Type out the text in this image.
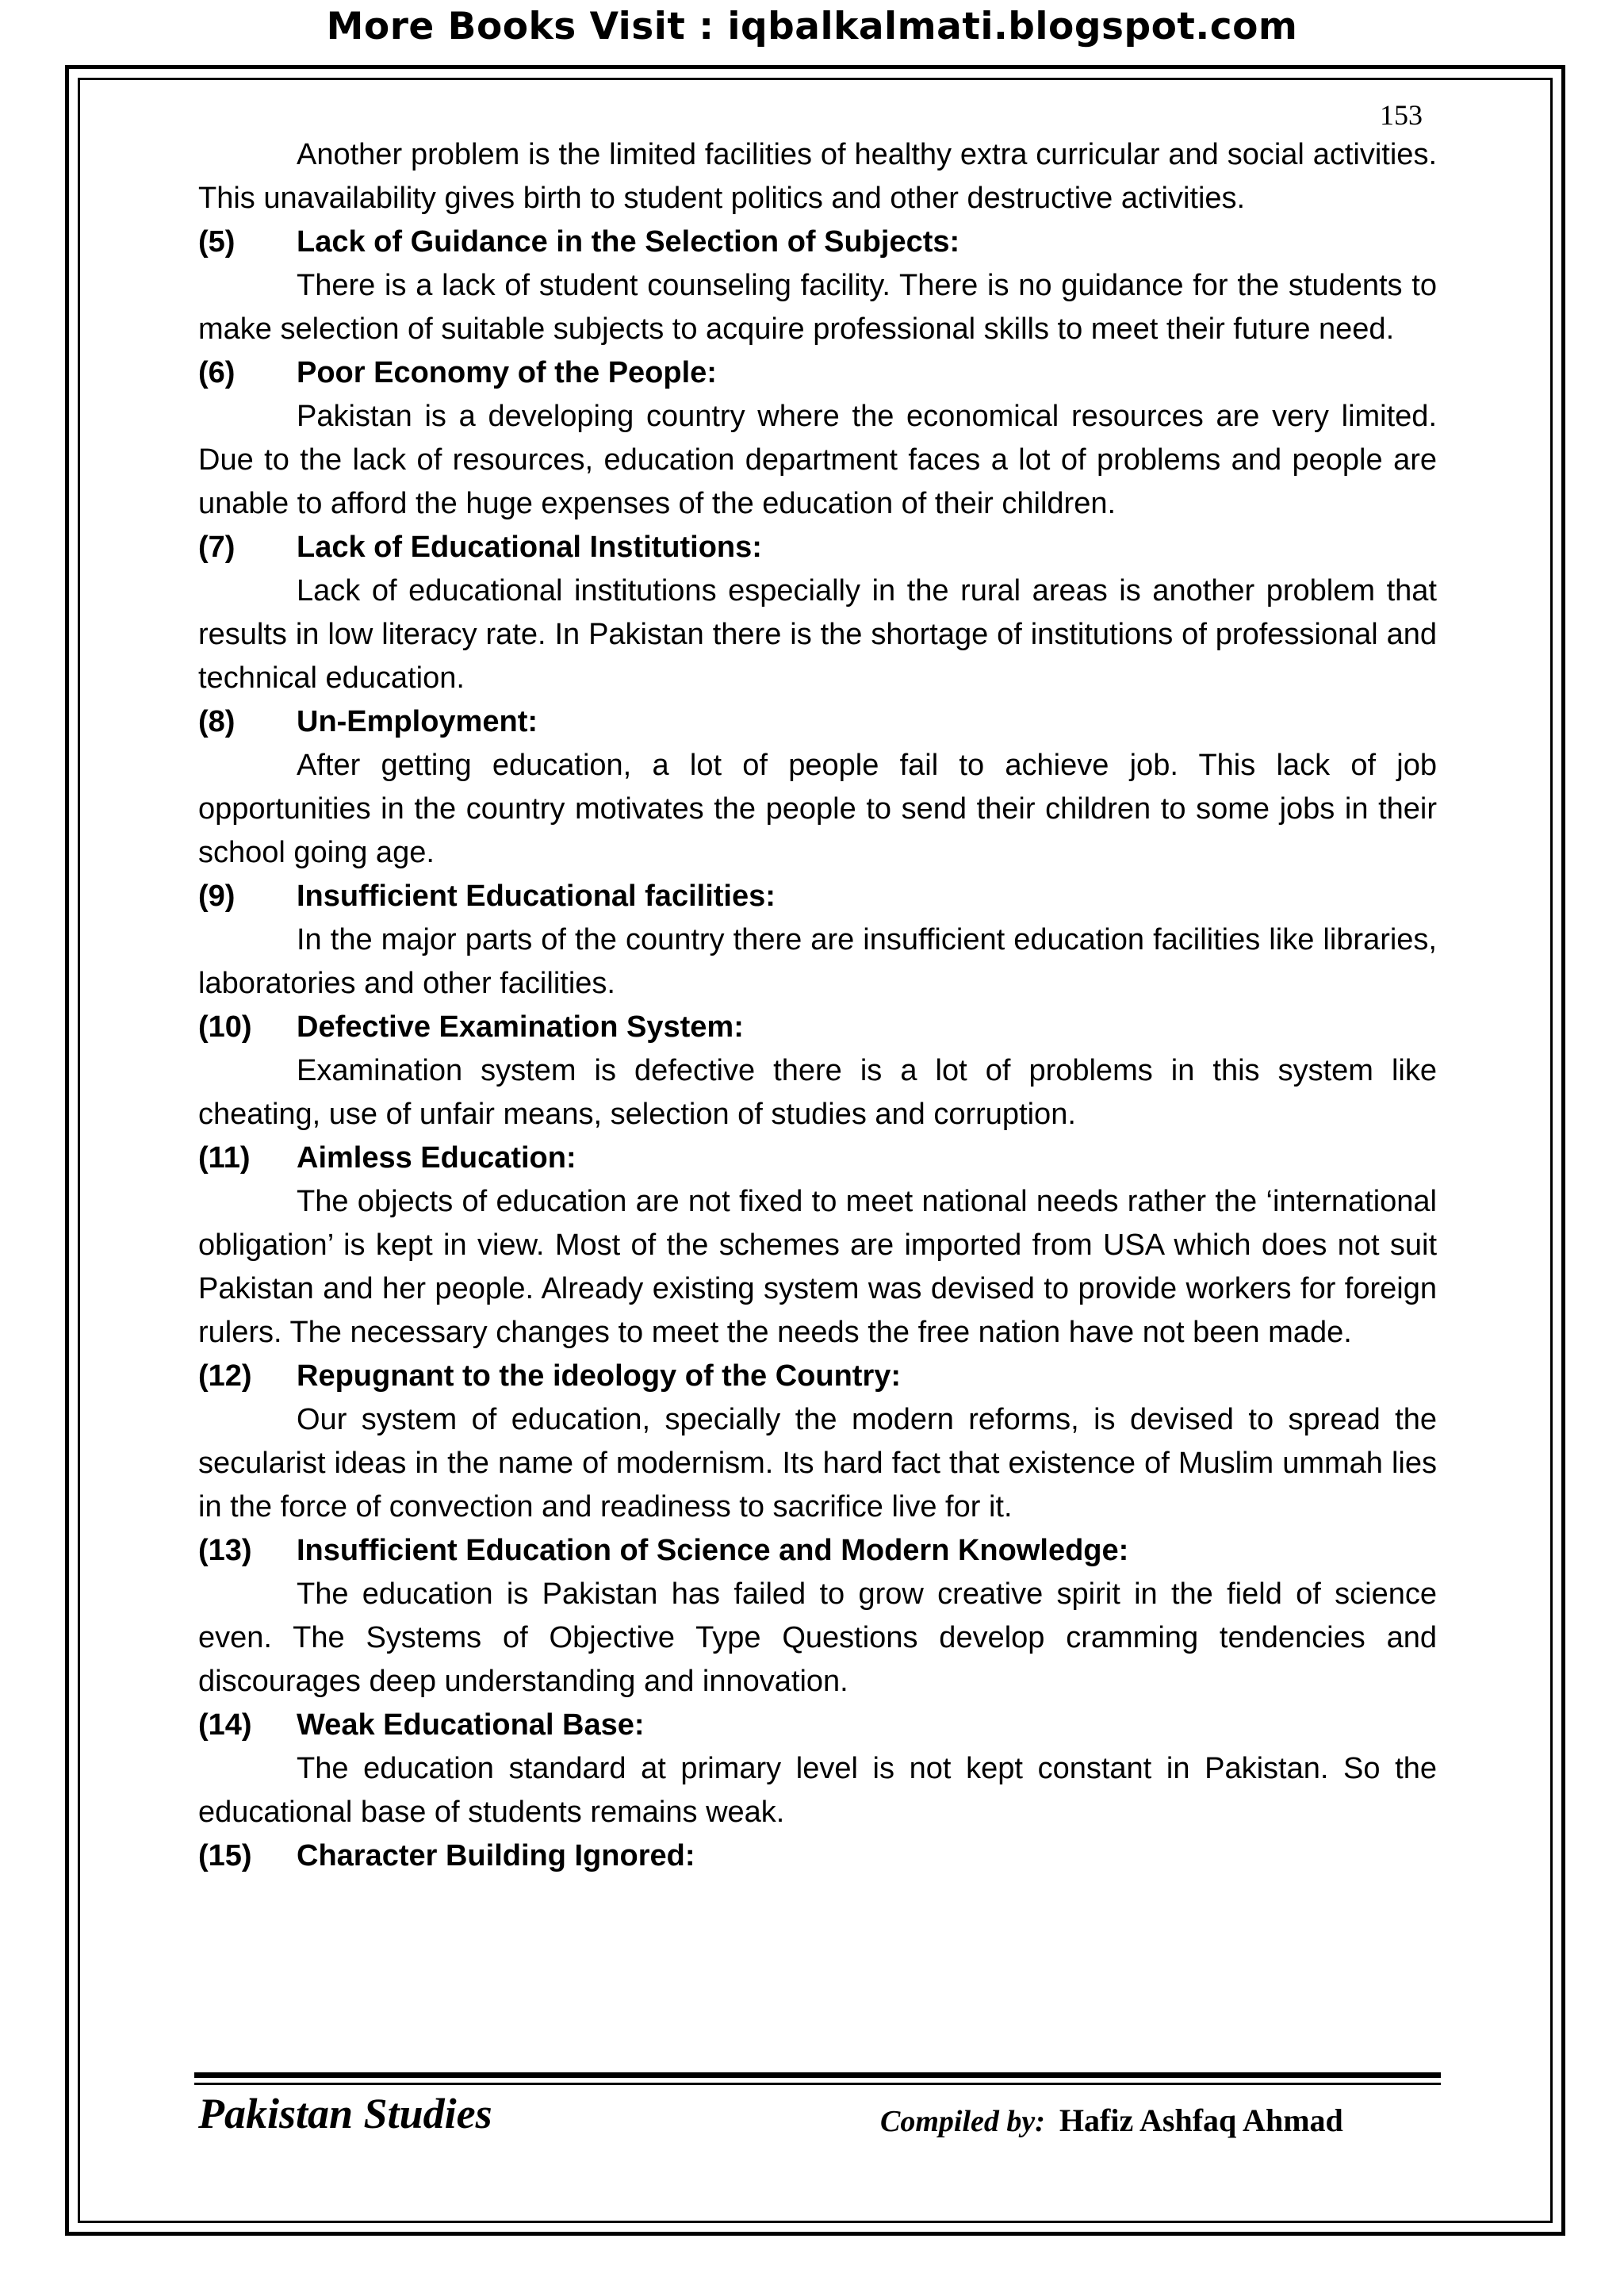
More Books Visit : iqbalkalmati.blogspot.com
153

Another problem is the limited facilities of healthy extra curricular and social activities. This unavailability gives birth to student politics and other destructive activities.

(5)	Lack of Guidance in the Selection of Subjects:

There is a lack of student counseling facility. There is no guidance for the students to make selection of suitable subjects to acquire professional skills to meet their future need.

(6)	Poor Economy of the People:

Pakistan is a developing country where the economical resources are very limited. Due to the lack of resources, education department faces a lot of problems and people are unable to afford the huge expenses of the education of their children.

(7)	Lack of Educational Institutions:

Lack of educational institutions especially in the rural areas is another problem that results in low literacy rate. In Pakistan there is the shortage of institutions of professional and technical education.

(8)	Un-Employment:

After getting education, a lot of people fail to achieve job. This lack of job opportunities in the country motivates the people to send their children to some jobs in their school going age.

(9)	Insufficient Educational facilities:

In the major parts of the country there are insufficient education facilities like libraries, laboratories and other facilities.

(10)	Defective Examination System:

Examination system is defective there is a lot of problems in this system like cheating, use of unfair means, selection of studies and corruption.

(11)	Aimless Education:

The objects of education are not fixed to meet national needs rather the ‘international obligation’ is kept in view. Most of the schemes are imported from USA which does not suit Pakistan and her people. Already existing system was devised to provide workers for foreign rulers. The necessary changes to meet the needs the free nation have not been made.

(12)	Repugnant to the ideology of the Country:

Our system of education, specially the modern reforms, is devised to spread the secularist ideas in the name of modernism. Its hard fact that existence of Muslim ummah lies in the force of convection and readiness to sacrifice live for it.

(13)	Insufficient Education of Science and Modern Knowledge:

The education is Pakistan has failed to grow creative spirit in the field of science even. The Systems of Objective Type Questions develop cramming tendencies and discourages deep understanding and innovation.

(14)	Weak Educational Base:

The education standard at primary level is not kept constant in Pakistan. So the educational base of students remains weak.

(15)	Character Building Ignored:

Pakistan Studies	Compiled by: Hafiz Ashfaq Ahmad
